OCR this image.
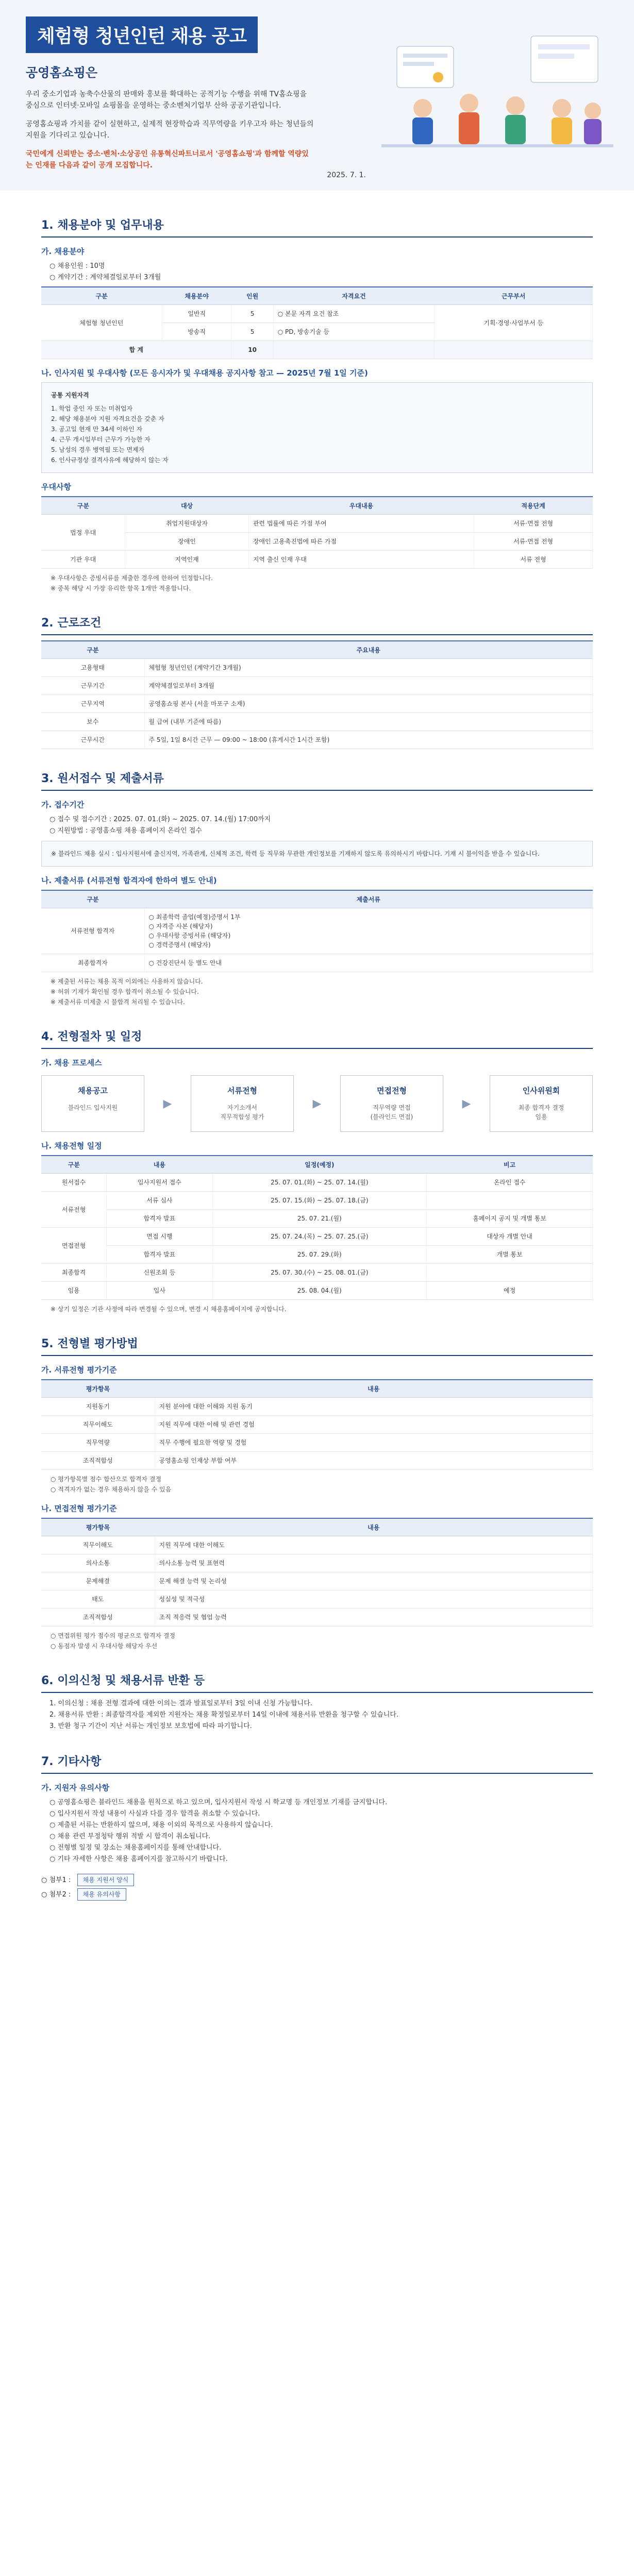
체험형 청년인턴 채용 공고
공영홈쇼핑은

우리 중소기업과 농축수산물의 판매와 홍보를 확대하는 공적기능 수행을 위해 TV홈쇼핑을 중심으로 인터넷·모바일 쇼핑몰을 운영하는 중소벤처기업부 산하 공공기관입니다.

공영홈쇼핑과 가치를 같이 실현하고, 실제적 현장학습과 직무역량을 키우고자 하는 청년들의 지원을 기다리고 있습니다.

국민에게 신뢰받는 중소·벤처·소상공인 유통혁신파트너로서 '공영홈쇼핑'과 함께할 역량있는 인재를 다음과 같이 공개 모집합니다.

2025. 7. 1.
1. 채용분야 및 업무내용
가. 채용분야
○ 채용인원 : 10명
○ 계약기간 : 계약체결일로부터 3개월
구분	채용분야	인원	자격요건	근무부서
체험형 청년인턴	일반직	5	○ 본문 자격 요건 참조	기획·경영·사업부서 등
	방송직	5	○ PD, 방송기술 등	
합 계		10		
나. 인사지원 및 우대사항 (모든 응시자가 및 우대채용 공지사항 참고 — 2025년 7월 1일 기준)
공통 지원자격
1. 학업 중인 자 또는 미취업자
2. 해당 채용분야 지원 자격요건을 갖춘 자
3. 공고일 현재 만 34세 이하인 자
4. 근무 개시일부터 근무가 가능한 자
5. 남성의 경우 병역필 또는 면제자
6. 인사규정상 결격사유에 해당하지 않는 자
우대사항
구분	대상	우대내용	적용단계
법정 우대	취업지원대상자	관련 법률에 따른 가점 부여	서류·면접 전형
	장애인	장애인 고용촉진법에 따른 가점	서류·면접 전형
기관 우대	지역인재	지역 출신 인재 우대	서류 전형
※ 우대사항은 증빙서류를 제출한 경우에 한하여 인정합니다.
※ 중복 해당 시 가장 유리한 항목 1개만 적용합니다.
2. 근로조건
구분	주요내용
고용형태	체험형 청년인턴 (계약기간 3개월)
근무기간	계약체결일로부터 3개월
근무지역	공영홈쇼핑 본사 (서울 마포구 소재)
보수	월 급여 (내부 기준에 따름)
근무시간	주 5일, 1일 8시간 근무 — 09:00 ~ 18:00 (휴게시간 1시간 포함)
3. 원서접수 및 제출서류
가. 접수기간
○ 접수 및 접수기간 : 2025. 07. 01.(화) ~ 2025. 07. 14.(월) 17:00까지
○ 지원방법 : 공영홈쇼핑 채용 홈페이지 온라인 접수
※ 블라인드 채용 실시 : 입사지원서에 출신지역, 가족관계, 신체적 조건, 학력 등 직무와 무관한 개인정보를 기재하지 않도록 유의하시기 바랍니다. 기재 시 불이익을 받을 수 있습니다.
나. 제출서류 (서류전형 합격자에 한하여 별도 안내)
구분	제출서류
서류전형 합격자	○ 최종학력 졸업(예정)증명서 1부
○ 자격증 사본 (해당자)
○ 우대사항 증빙서류 (해당자)
○ 경력증명서 (해당자)
최종합격자	○ 건강진단서 등 별도 안내
※ 제출된 서류는 채용 목적 이외에는 사용하지 않습니다.
※ 허위 기재가 확인될 경우 합격이 취소될 수 있습니다.
※ 제출서류 미제출 시 불합격 처리될 수 있습니다.
4. 전형절차 및 일정
가. 채용 프로세스
채용공고
블라인드 입사지원	▶
서류전형
자기소개서
직무적합성 평가
▶
면접전형
직무역량 면접
(블라인드 면접)
▶
인사위원회
최종 합격자 결정
임용
나. 채용전형 일정
구분	내용	일정(예정)	비고
원서접수	입사지원서 접수	25. 07. 01.(화) ~ 25. 07. 14.(월)	온라인 접수
서류전형	서류 심사	25. 07. 15.(화) ~ 25. 07. 18.(금)	
	합격자 발표	25. 07. 21.(월)	홈페이지 공지 및 개별 통보
면접전형	면접 시행	25. 07. 24.(목) ~ 25. 07. 25.(금)	대상자 개별 안내
	합격자 발표	25. 07. 29.(화)	개별 통보
최종합격	신원조회 등	25. 07. 30.(수) ~ 25. 08. 01.(금)	
임용	입사	25. 08. 04.(월)	예정
※ 상기 일정은 기관 사정에 따라 변경될 수 있으며, 변경 시 채용홈페이지에 공지합니다.
5. 전형별 평가방법
가. 서류전형 평가기준
평가항목	내용
지원동기	지원 분야에 대한 이해와 지원 동기
직무이해도	지원 직무에 대한 이해 및 관련 경험
직무역량	직무 수행에 필요한 역량 및 경험
조직적합성	공영홈쇼핑 인재상 부합 여부
○ 평가항목별 점수 합산으로 합격자 결정
○ 적격자가 없는 경우 채용하지 않을 수 있음
나. 면접전형 평가기준
평가항목	내용
직무이해도	지원 직무에 대한 이해도
의사소통	의사소통 능력 및 표현력
문제해결	문제 해결 능력 및 논리성
태도	성실성 및 적극성
조직적합성	조직 적응력 및 협업 능력
○ 면접위원 평가 점수의 평균으로 합격자 결정
○ 동점자 발생 시 우대사항 해당자 우선
6. 이의신청 및 채용서류 반환 등
1. 이의신청 : 채용 전형 결과에 대한 이의는 결과 발표일로부터 3일 이내 신청 가능합니다.
2. 채용서류 반환 : 최종합격자를 제외한 지원자는 채용 확정일로부터 14일 이내에 채용서류 반환을 청구할 수 있습니다.
3. 반환 청구 기간이 지난 서류는 개인정보 보호법에 따라 파기합니다.
7. 기타사항
가. 지원자 유의사항
○ 공영홈쇼핑은 블라인드 채용을 원칙으로 하고 있으며, 입사지원서 작성 시 학교명 등 개인정보 기재를 금지합니다.
○ 입사지원서 작성 내용이 사실과 다를 경우 합격을 취소할 수 있습니다.
○ 제출된 서류는 반환하지 않으며, 채용 이외의 목적으로 사용하지 않습니다.
○ 채용 관련 부정청탁 행위 적발 시 합격이 취소됩니다.
○ 전형별 일정 및 장소는 채용홈페이지를 통해 안내합니다.
○ 기타 자세한 사항은 채용 홈페이지를 참고하시기 바랍니다.
○ 첨부1 : 채용 지원서 양식
○ 첨부2 : 채용 유의사항
